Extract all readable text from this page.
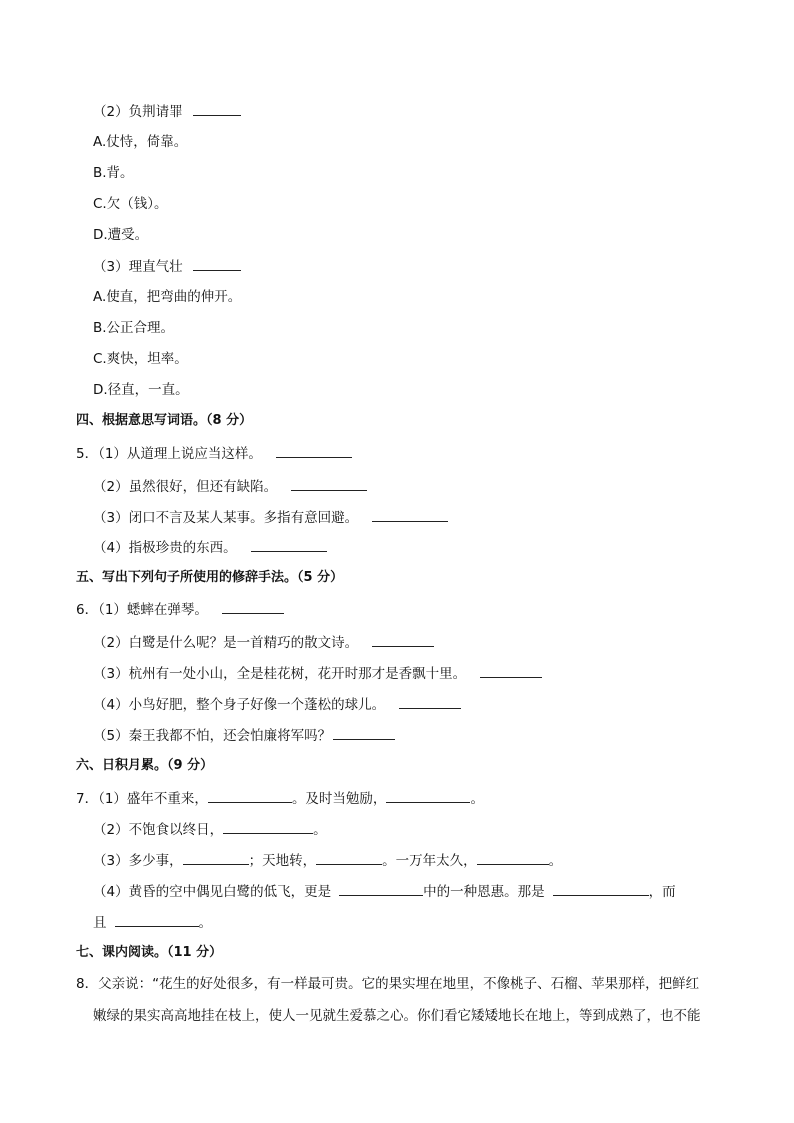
（2）负荆请罪
A.仗恃，倚靠。
B.背。
C.欠（钱）。
D.遭受。
（3）理直气壮
A.使直，把弯曲的伸开。
B.公正合理。
C.爽快，坦率。
D.径直，一直。
四、根据意思写词语。（8 分）
5．（1）从道理上说应当这样。
（2）虽然很好，但还有缺陷。
（3）闭口不言及某人某事。多指有意回避。
（4）指极珍贵的东西。
五、写出下列句子所使用的修辞手法。（5 分）
6．（1）蟋蟀在弹琴。
（2）白鹭是什么呢？是一首精巧的散文诗。
（3）杭州有一处小山，全是桂花树，花开时那才是香飘十里。
（4）小鸟好肥，整个身子好像一个蓬松的球儿。
（5）秦王我都不怕，还会怕廉将军吗？
六、日积月累。（9 分）
7．（1）盛年不重来，	。及时当勉励，	。
（2）不饱食以终日，	。
（3）多少事，	；天地转，	。一万年太久，	。
（4）黄昏的空中偶见白鹭的低飞，更是	中的一种恩惠。那是	，而
且	。
七、课内阅读。（11 分）
8．父亲说：“花生的好处很多，有一样最可贵。它的果实埋在地里，不像桃子、石榴、苹果那样，把鲜红
嫩绿的果实高高地挂在枝上，使人一见就生爱慕之心。你们看它矮矮地长在地上，等到成熟了，也不能
